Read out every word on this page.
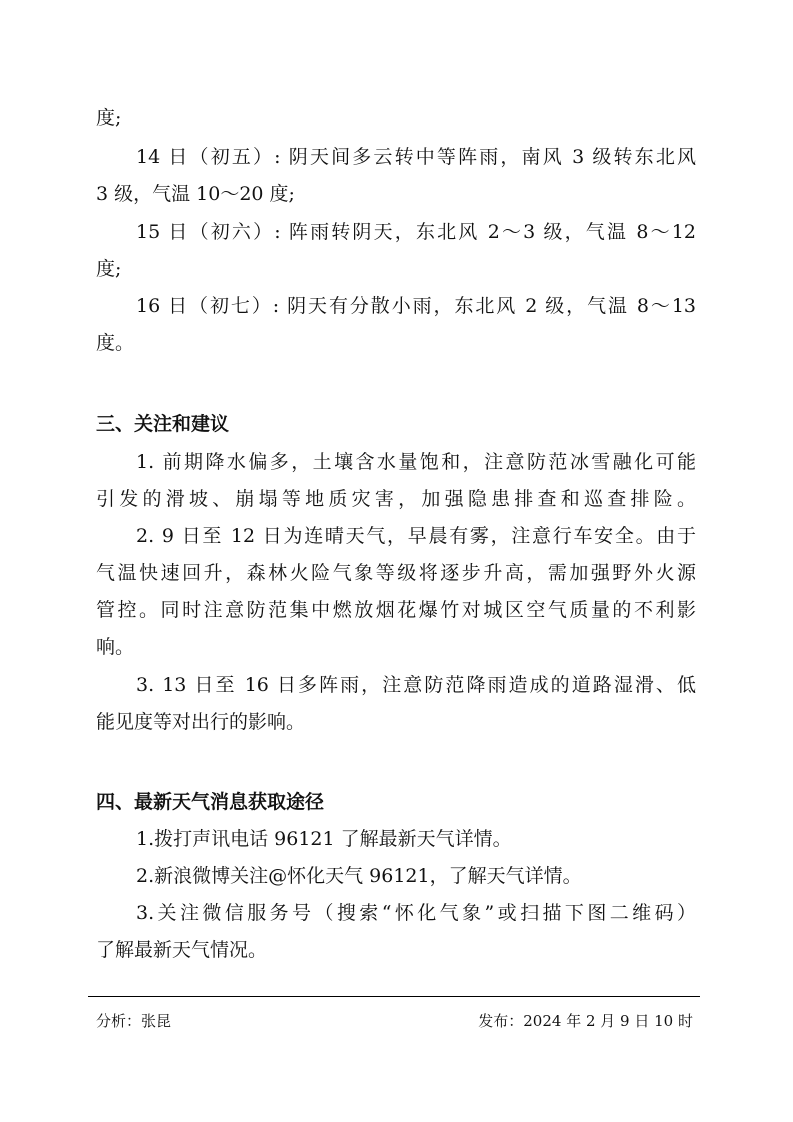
度;
14 日（初五）: 阴天间多云转中等阵雨，南风 3 级转东北风
3 级，气温 10～20 度;
15 日（初六）: 阵雨转阴天，东北风 2～3 级，气温 8～12
度;
16 日（初七）: 阴天有分散小雨，东北风 2 级，气温 8～13
度。
三、关注和建议
1. 前期降水偏多，土壤含水量饱和，注意防范冰雪融化可能
引发的滑坡、崩塌等地质灾害，加强隐患排查和巡查排险。
2. 9 日至 12 日为连晴天气，早晨有雾，注意行车安全。由于
气温快速回升，森林火险气象等级将逐步升高，需加强野外火源
管控。同时注意防范集中燃放烟花爆竹对城区空气质量的不利影
响。
3. 13 日至 16 日多阵雨，注意防范降雨造成的道路湿滑、低
能见度等对出行的影响。
四、最新天气消息获取途径
1.拨打声讯电话 96121 了解最新天气详情。
2.新浪微博关注@怀化天气 96121，了解天气详情。
3.关注微信服务号（搜索“怀化气象”或扫描下图二维码）
了解最新天气情况。
分析：张昆	发布：2024 年 2 月 9 日 10 时
